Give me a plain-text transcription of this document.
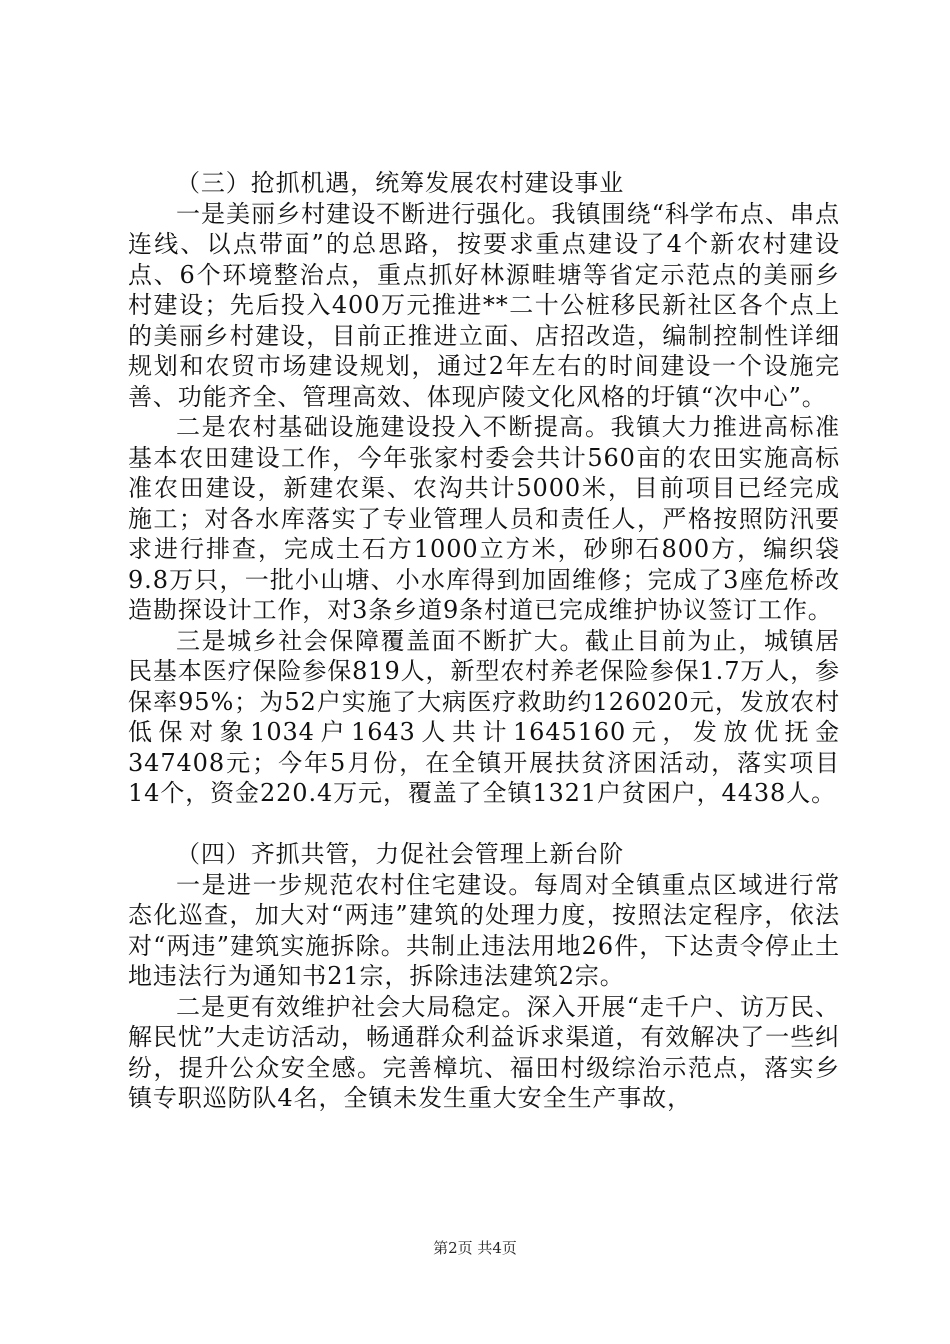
（三）抢抓机遇，统筹发展农村建设事业

一是美丽乡村建设不断进行强化。我镇围绕“科学布点、串点连线、以点带面”的总思路，按要求重点建设了4个新农村建设点、6个环境整治点，重点抓好林源畦塘等省定示范点的美丽乡村建设；先后投入400万元推进**二十公桩移民新社区各个点上的美丽乡村建设，目前正推进立面、店招改造，编制控制性详细规划和农贸市场建设规划，通过2年左右的时间建设一个设施完善、功能齐全、管理高效、体现庐陵文化风格的圩镇“次中心”。

二是农村基础设施建设投入不断提高。我镇大力推进高标准基本农田建设工作，今年张家村委会共计560亩的农田实施高标准农田建设，新建农渠、农沟共计5000米，目前项目已经完成施工；对各水库落实了专业管理人员和责任人，严格按照防汛要求进行排查，完成土石方1000立方米，砂卵石800方，编织袋9.8万只，一批小山塘、小水库得到加固维修；完成了3座危桥改造勘探设计工作，对3条乡道9条村道已完成维护协议签订工作。

三是城乡社会保障覆盖面不断扩大。截止目前为止，城镇居民基本医疗保险参保819人，新型农村养老保险参保1.7万人，参保率95%；为52户实施了大病医疗救助约126020元，发放农村低保对象1034户1643人共计1645160元，发放优抚金347408元；今年5月份，在全镇开展扶贫济困活动，落实项目14个，资金220.4万元，覆盖了全镇1321户贫困户，4438人。

（四）齐抓共管，力促社会管理上新台阶

一是进一步规范农村住宅建设。每周对全镇重点区域进行常态化巡查，加大对“两违”建筑的处理力度，按照法定程序，依法对“两违”建筑实施拆除。共制止违法用地26件，下达责令停止土地违法行为通知书21宗，拆除违法建筑2宗。

二是更有效维护社会大局稳定。深入开展“走千户、访万民、解民忧”大走访活动，畅通群众利益诉求渠道，有效解决了一些纠纷，提升公众安全感。完善樟坑、福田村级综治示范点，落实乡镇专职巡防队4名，全镇未发生重大安全生产事故，

第2页 共4页
